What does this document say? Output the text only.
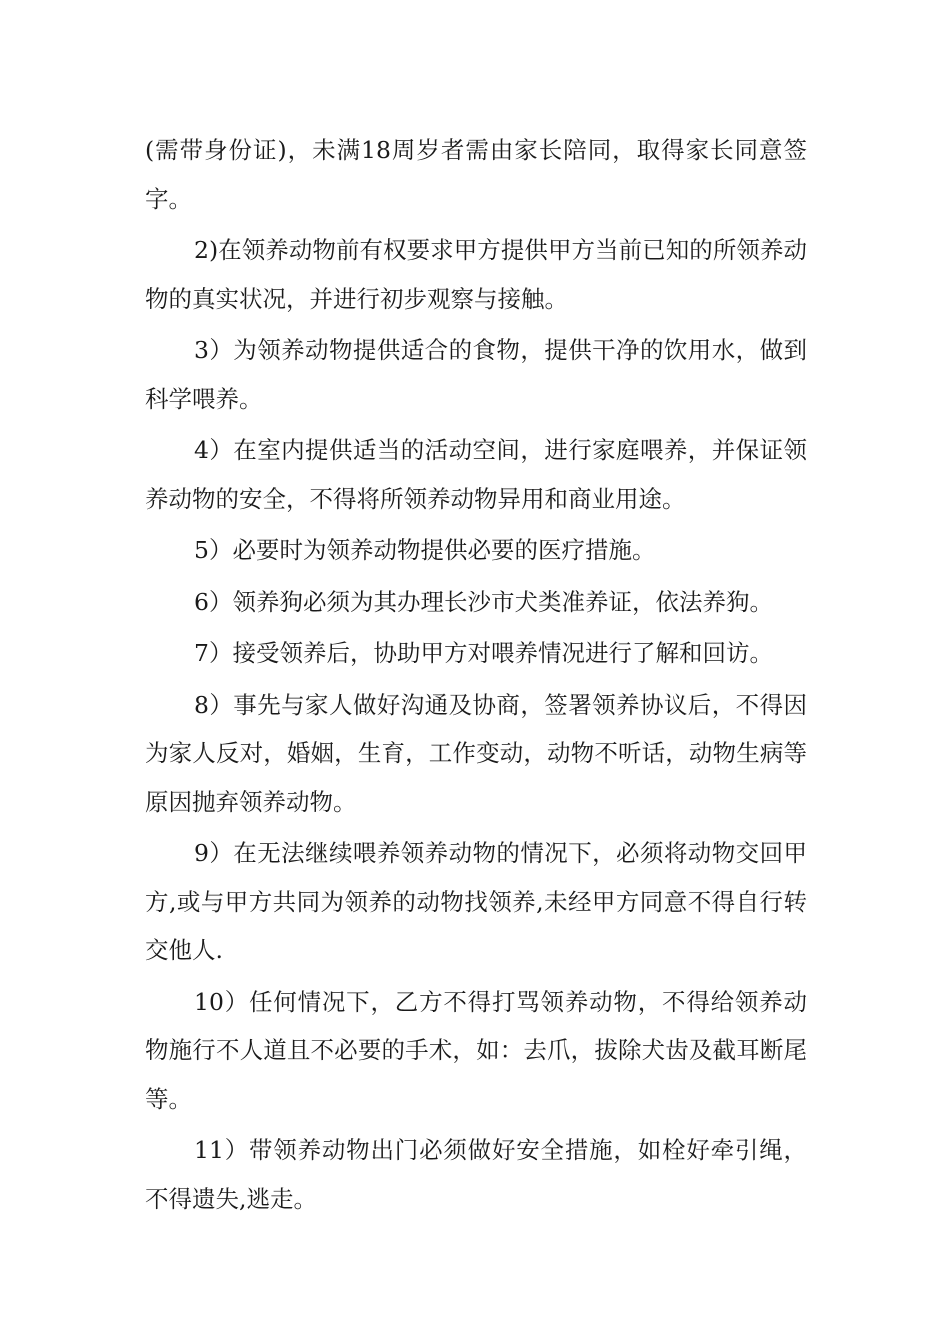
(需带身份证)，未满18周岁者需由家长陪同，取得家长同意签字。

2)在领养动物前有权要求甲方提供甲方当前已知的所领养动物的真实状况，并进行初步观察与接触。

3）为领养动物提供适合的食物，提供干净的饮用水，做到科学喂养。

4）在室内提供适当的活动空间，进行家庭喂养，并保证领养动物的安全，不得将所领养动物异用和商业用途。

5）必要时为领养动物提供必要的医疗措施。

6）领养狗必须为其办理长沙市犬类准养证，依法养狗。

7）接受领养后，协助甲方对喂养情况进行了解和回访。

8）事先与家人做好沟通及协商，签署领养协议后，不得因为家人反对，婚姻，生育，工作变动，动物不听话，动物生病等原因抛弃领养动物。

9）在无法继续喂养领养动物的情况下，必须将动物交回甲方,或与甲方共同为领养的动物找领养,未经甲方同意不得自行转交他人.

10）任何情况下，乙方不得打骂领养动物，不得给领养动物施行不人道且不必要的手术，如：去爪，拔除犬齿及截耳断尾等。

11）带领养动物出门必须做好安全措施，如栓好牵引绳，不得遗失,逃走。
